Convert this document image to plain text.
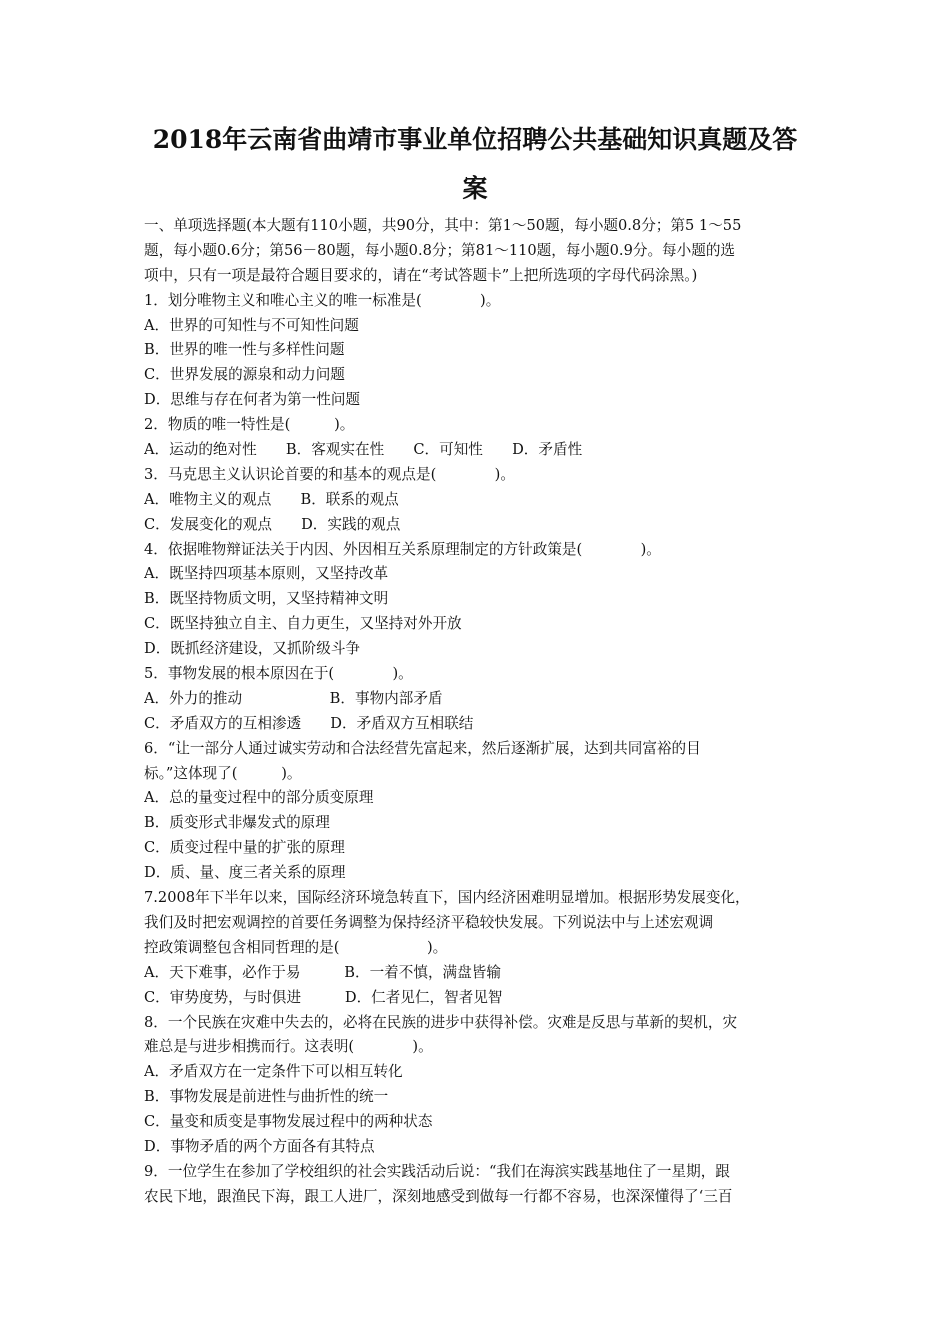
2018年云南省曲靖市事业单位招聘公共基础知识真题及答
案
一、单项选择题(本大题有110小题，共90分，其中：第1～50题，每小题0.8分；第5 1～55
题，每小题0.6分；第56－80题，每小题0.8分；第81～110题，每小题0.9分。每小题的选
项中，只有一项是最符合题目要求的，请在“考试答题卡”上把所选项的字母代码涂黑。)
1．划分唯物主义和唯心主义的唯一标准是(　　　　)。
A．世界的可知性与不可知性问题
B．世界的唯一性与多样性问题
C．世界发展的源泉和动力问题
D．思维与存在何者为第一性问题
2．物质的唯一特性是(　　　)。
A．运动的绝对性　　B．客观实在性　　C．可知性　　D．矛盾性
3．马克思主义认识论首要的和基本的观点是(　　　　)。
A．唯物主义的观点　　B．联系的观点
C．发展变化的观点　　D．实践的观点
4．依据唯物辩证法关于内因、外因相互关系原理制定的方针政策是(　　　　)。
A．既坚持四项基本原则，又坚持改革
B．既坚持物质文明，又坚持精神文明
C．既坚持独立自主、自力更生，又坚持对外开放
D．既抓经济建设，又抓阶级斗争
5．事物发展的根本原因在于(　　　　)。
A．外力的推动　　　　　　B．事物内部矛盾
C．矛盾双方的互相渗透　　D．矛盾双方互相联结
6．“让一部分人通过诚实劳动和合法经营先富起来，然后逐渐扩展，达到共同富裕的目
标。”这体现了(　　　)。
A．总的量变过程中的部分质变原理
B．质变形式非爆发式的原理
C．质变过程中量的扩张的原理
D．质、量、度三者关系的原理
7.2008年下半年以来，国际经济环境急转直下，国内经济困难明显增加。根据形势发展变化，
我们及时把宏观调控的首要任务调整为保持经济平稳较快发展。下列说法中与上述宏观调
控政策调整包含相同哲理的是(　　　　　　)。
A．天下难事，必作于易　　　B．一着不慎，满盘皆输
C．审势度势，与时俱进　　　D．仁者见仁，智者见智
8．一个民族在灾难中失去的，必将在民族的进步中获得补偿。灾难是反思与革新的契机，灾
难总是与进步相携而行。这表明(　　　　)。
A．矛盾双方在一定条件下可以相互转化
B．事物发展是前进性与曲折性的统一
C．量变和质变是事物发展过程中的两种状态
D．事物矛盾的两个方面各有其特点
9．一位学生在参加了学校组织的社会实践活动后说：“我们在海滨实践基地住了一星期，跟
农民下地，跟渔民下海，跟工人进厂，深刻地感受到做每一行都不容易，也深深懂得了‘三百
